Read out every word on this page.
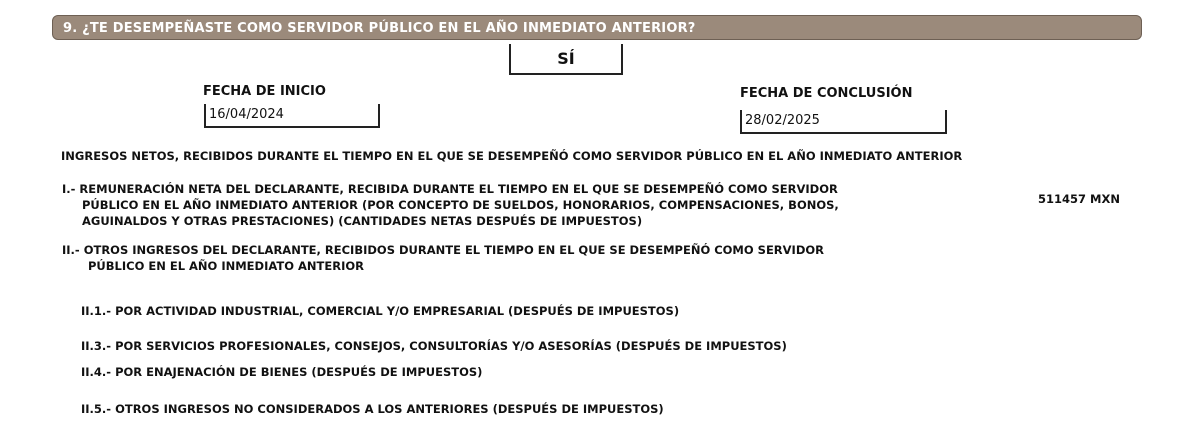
9. ¿TE DESEMPEÑASTE COMO SERVIDOR PÚBLICO EN EL AÑO INMEDIATO ANTERIOR?
SÍ
FECHA DE INICIO
16/04/2024
FECHA DE CONCLUSIÓN
28/02/2025
INGRESOS NETOS, RECIBIDOS DURANTE EL TIEMPO EN EL QUE SE DESEMPEÑÓ COMO SERVIDOR PÚBLICO EN EL AÑO INMEDIATO ANTERIOR
I.- REMUNERACIÓN NETA DEL DECLARANTE, RECIBIDA DURANTE EL TIEMPO EN EL QUE SE DESEMPEÑÓ COMO SERVIDOR
PÚBLICO EN EL AÑO INMEDIATO ANTERIOR (POR CONCEPTO DE SUELDOS, HONORARIOS, COMPENSACIONES, BONOS,
AGUINALDOS Y OTRAS PRESTACIONES) (CANTIDADES NETAS DESPUÉS DE IMPUESTOS)
511457 MXN
II.- OTROS INGRESOS DEL DECLARANTE, RECIBIDOS DURANTE EL TIEMPO EN EL QUE SE DESEMPEÑÓ COMO SERVIDOR
PÚBLICO EN EL AÑO INMEDIATO ANTERIOR
II.1.- POR ACTIVIDAD INDUSTRIAL, COMERCIAL Y/O EMPRESARIAL (DESPUÉS DE IMPUESTOS)
II.3.- POR SERVICIOS PROFESIONALES, CONSEJOS, CONSULTORÍAS Y/O ASESORÍAS (DESPUÉS DE IMPUESTOS)
II.4.- POR ENAJENACIÓN DE BIENES (DESPUÉS DE IMPUESTOS)
II.5.- OTROS INGRESOS NO CONSIDERADOS A LOS ANTERIORES (DESPUÉS DE IMPUESTOS)
